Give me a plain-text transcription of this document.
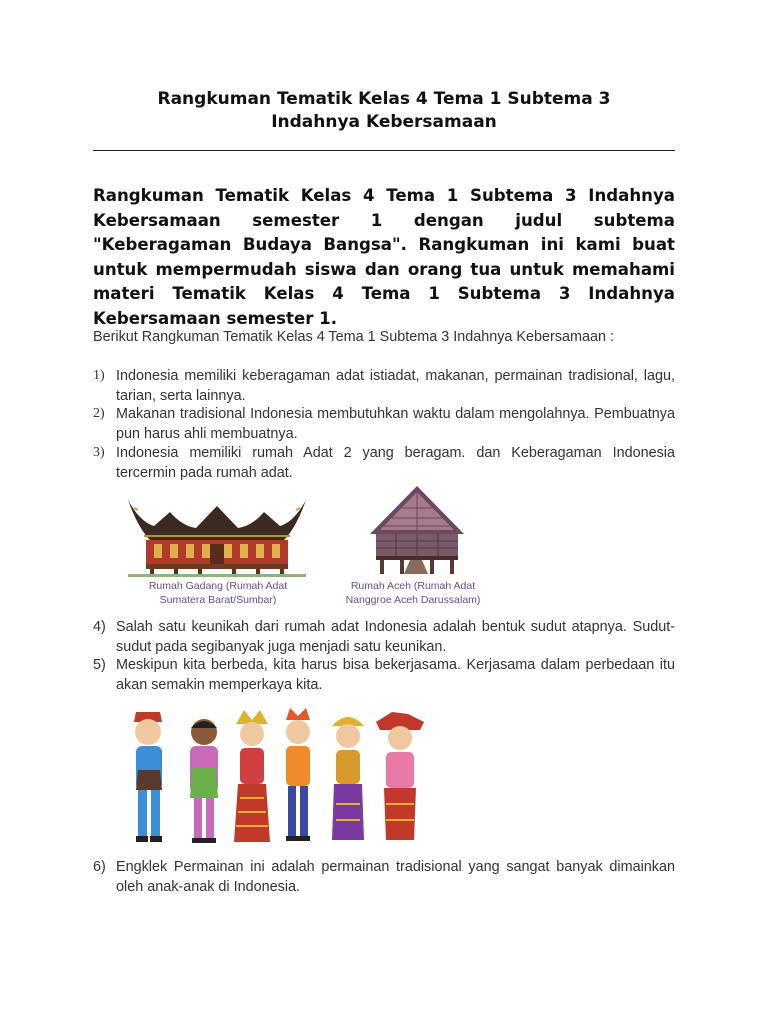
Rangkuman Tematik Kelas 4 Tema 1 Subtema 3
Indahnya Kebersamaan

Rangkuman Tematik Kelas 4 Tema 1 Subtema 3 Indahnya Kebersamaan semester 1 dengan judul subtema "Keberagaman Budaya Bangsa". Rangkuman ini kami buat untuk mempermudah siswa dan orang tua untuk memahami materi Tematik Kelas 4 Tema 1 Subtema 3 Indahnya Kebersamaan semester 1.

Berikut Rangkuman Tematik Kelas 4 Tema 1 Subtema 3 Indahnya Kebersamaan :

1) Indonesia memiliki keberagaman adat istiadat, makanan, permainan tradisional, lagu, tarian, serta lainnya.
2) Makanan tradisional Indonesia membutuhkan waktu dalam mengolahnya. Pembuatnya pun harus ahli membuatnya.
3) Indonesia memiliki rumah Adat 2 yang beragam. dan Keberagaman Indonesia tercermin pada rumah adat.
Rumah Gadang (Rumah Adat
Sumatera Barat/Sumbar)
Rumah Aceh (Rumah Adat
Nanggroe Aceh Darussalam)
4) Salah satu keunikah dari rumah adat Indonesia adalah bentuk sudut atapnya. Sudut-sudut pada segibanyak juga menjadi satu keunikan.
5) Meskipun kita berbeda, kita harus bisa bekerjasama. Kerjasama dalam perbedaan itu akan semakin memperkaya kita.
6) Engklek Permainan ini adalah permainan tradisional yang sangat banyak dimainkan oleh anak-anak di Indonesia.
